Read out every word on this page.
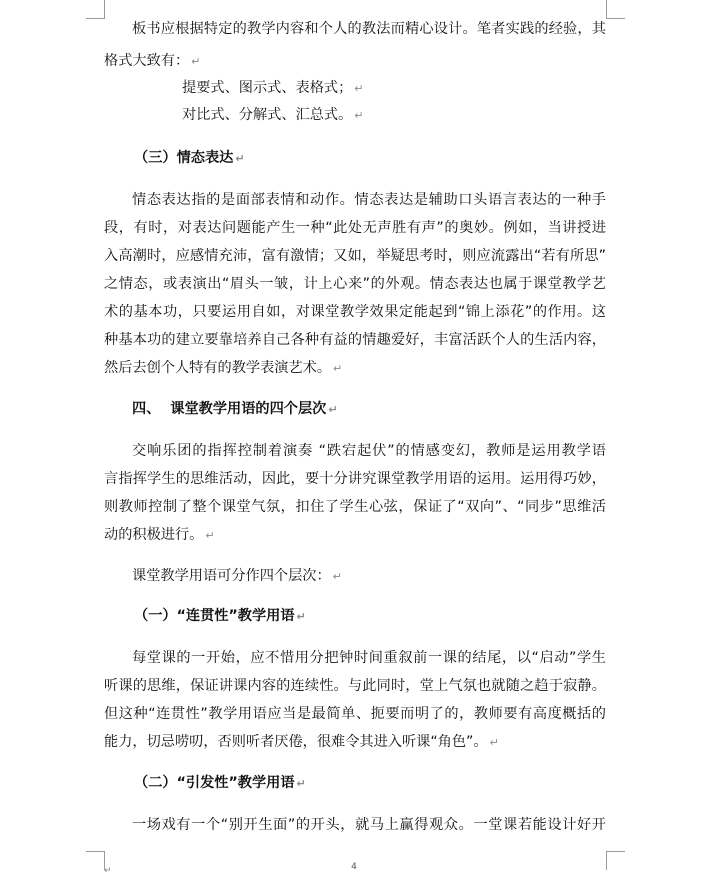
板书应根据特定的教学内容和个人的教法而精心设计。笔者实践的经验，其
格式大致有： ↵
提要式、图示式、表格式； ↵
对比式、分解式、汇总式。 ↵
（三）情态表达 ↵
情态表达指的是面部表情和动作。情态表达是辅助口头语言表达的一种手
段，有时，对表达问题能产生一种“此处无声胜有声”的奥妙。例如，当讲授进
入高潮时，应感情充沛，富有激情；又如，举疑思考时，则应流露出“若有所思”
之情态，或表演出“眉头一皱，计上心来”的外观。情态表达也属于课堂教学艺
术的基本功，只要运用自如，对课堂教学效果定能起到“锦上添花”的作用。这
种基本功的建立要靠培养自己各种有益的情趣爱好，丰富活跃个人的生活内容，
然后去创个人特有的教学表演艺术。 ↵
四、  课堂教学用语的四个层次 ↵
交响乐团的指挥控制着演奏 “跌宕起伏”的情感变幻，教师是运用教学语
言指挥学生的思维活动，因此，要十分讲究课堂教学用语的运用。运用得巧妙，
则教师控制了整个课堂气氛，扣住了学生心弦，保证了“双向”、“同步”思维活
动的积极进行。 ↵
课堂教学用语可分作四个层次： ↵
（一）“连贯性”教学用语 ↵
每堂课的一开始，应不惜用分把钟时间重叙前一课的结尾，以“启动”学生
听课的思维，保证讲课内容的连续性。与此同时，堂上气氛也就随之趋于寂静。
但这种“连贯性”教学用语应当是最简单、扼要而明了的，教师要有高度概括的
能力，切忌唠叨，否则听者厌倦，很难令其进入听课“角色”。 ↵
（二）“引发性”教学用语 ↵
一场戏有一个“别开生面”的开头，就马上赢得观众。一堂课若能设计好开
4
↵
